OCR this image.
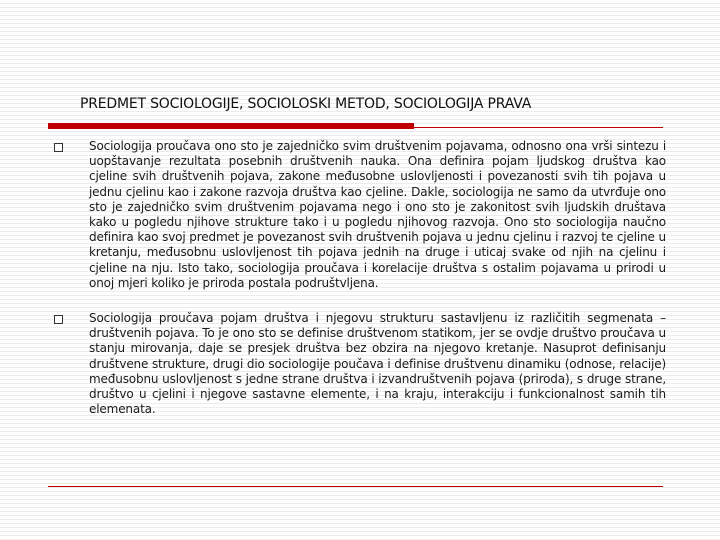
PREDMET SOCIOLOGIJE, SOCIOLOSKI METOD, SOCIOLOGIJA PRAVA
Sociologija proučava ono sto je zajedničko svim društvenim pojavama, odnosno ona vrši sintezu i uopštavanje rezultata posebnih društvenih nauka. Ona definira pojam ljudskog društva kao cjeline svih društvenih pojava, zakone međusobne uslovljenosti i povezanosti svih tih pojava u jednu cjelinu kao i zakone razvoja društva kao cjeline. Dakle, sociologija ne samo da utvrđuje ono sto je zajedničko svim društvenim pojavama nego i ono sto je zakonitost svih ljudskih društava kako u pogledu njihove strukture tako i u pogledu njihovog razvoja. Ono sto sociologija naučno definira kao svoj predmet je povezanost svih društvenih pojava u jednu cjelinu i razvoj te cjeline u kretanju, međusobnu uslovljenost tih pojava jednih na druge i uticaj svake od njih na cjelinu i cjeline na nju. Isto tako, sociologija proučava i korelacije društva s ostalim pojavama u prirodi u onoj mjeri koliko je priroda postala podruštvljena.
Sociologija proučava pojam društva i njegovu strukturu sastavljenu iz različitih segmenata – društvenih pojava. To je ono sto se definise društvenom statikom, jer se ovdje društvo proučava u stanju mirovanja, daje se presjek društva bez obzira na njegovo kretanje. Nasuprot definisanju društvene strukture, drugi dio sociologije poučava i definise društvenu dinamiku (odnose, relacije) međusobnu uslovljenost s jedne strane društva i izvandruštvenih pojava (priroda), s druge strane, društvo u cjelini i njegove sastavne elemente, i na kraju, interakciju i funkcionalnost samih tih elemenata.
